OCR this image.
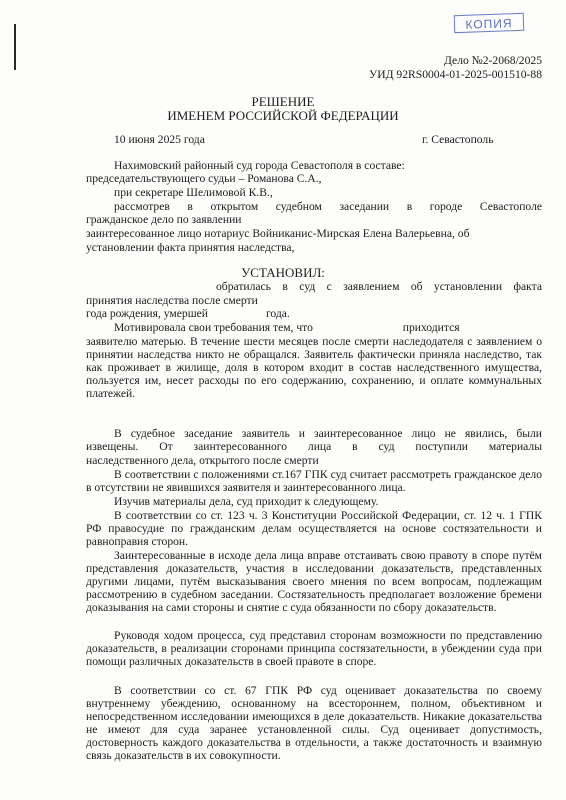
КОПИЯ
Дело №2-2068/2025
УИД 92RS0004-01-2025-001510-88
РЕШЕНИЕ
ИМЕНЕМ РОССИЙСКОЙ ФЕДЕРАЦИИ
10 июня 2025 года	г. Севастополь
Нахимовский районный суд города Севастополя в составе:
председательствующего судьи – Романова С.А.,
при секретаре Шелимовой К.В.,
рассмотрев в открытом судебном заседании в городе Севастополе
гражданское дело по заявлении
заинтересованное лицо нотариус Войниканис-Мирская Елена Валерьевна, об
установлении факта принятия наследства,
УСТАНОВИЛ:
обратилась в суд с заявлением об установлении факта
принятия наследства после смерти
года рождения, умершей                    года.
Мотивировала свои требования тем, что                               приходится
заявителю матерью. В течение шести месяцев после смерти наследодателя с заявлением о принятии наследства никто не обращался. Заявитель фактически приняла наследство, так как проживает в жилище, доля в котором входит в состав наследственного имущества, пользуется им, несет расходы по его содержанию, сохранению, и оплате коммунальных платежей.
В судебное заседание заявитель и заинтересованное лицо не явились, были
извещены. От заинтересованного лица в суд поступили материалы
наследственного дела, открытого после смерти
В соответствии с положениями ст.167 ГПК суд считает рассмотреть гражданское дело в отсутствии не явившихся заявителя и заинтересованного лица.
Изучив материалы дела, суд приходит к следующему.
В соответствии со ст. 123 ч. 3 Конституции Российской Федерации, ст. 12 ч. 1 ГПК РФ правосудие по гражданским делам осуществляется на основе состязательности и равноправия сторон.
Заинтересованные в исходе дела лица вправе отстаивать свою правоту в споре путём представления доказательств, участия в исследовании доказательств, представленных другими лицами, путём высказывания своего мнения по всем вопросам, подлежащим рассмотрению в судебном заседании. Состязательность предполагает возложение бремени доказывания на сами стороны и снятие с суда обязанности по сбору доказательств.
Руководя ходом процесса, суд представил сторонам возможности по представлению доказательств, в реализации сторонами принципа состязательности, в убеждении суда при помощи различных доказательств в своей правоте в споре.
В соответствии со ст. 67 ГПК РФ суд оценивает доказательства по своему внутреннему убеждению, основанному на всестороннем, полном, объективном и непосредственном исследовании имеющихся в деле доказательств. Никакие доказательства не имеют для суда заранее установленной силы. Суд оценивает допустимость, достоверность каждого доказательства в отдельности, а также достаточность и взаимную связь доказательств в их совокупности.
